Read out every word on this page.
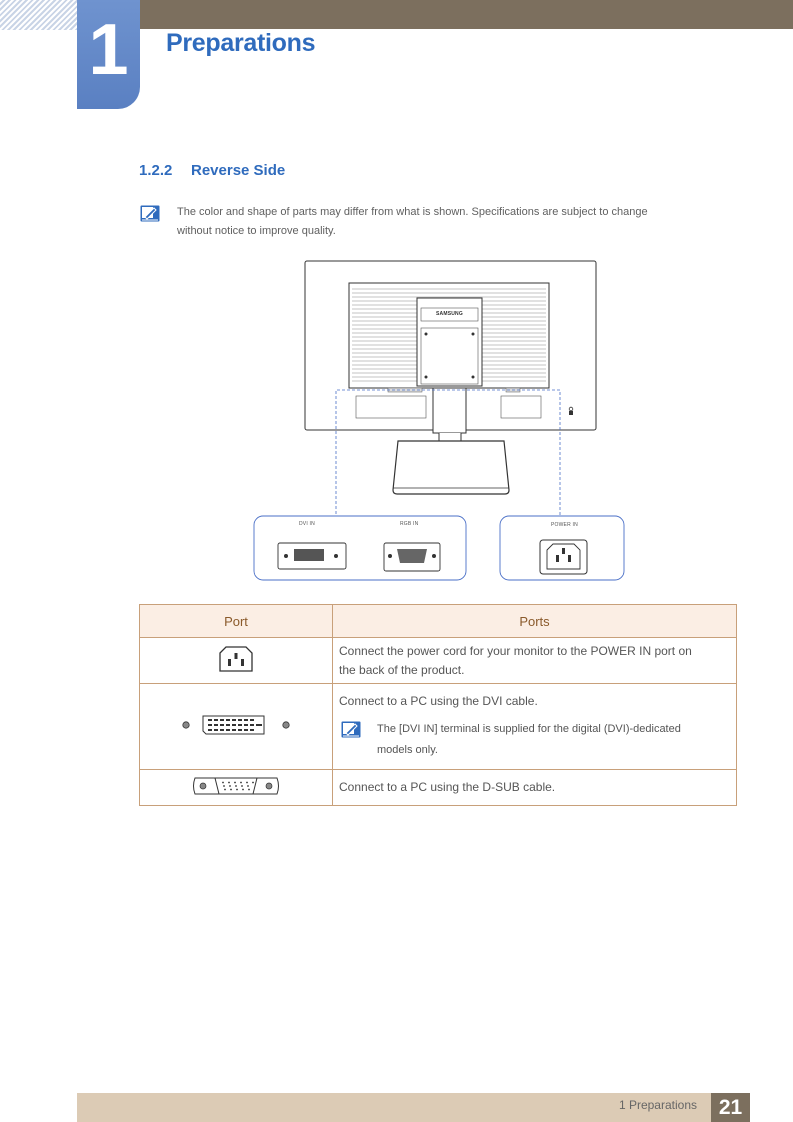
1	Preparations
1.2.2 Reverse Side
The color and shape of parts may differ from what is shown. Specifications are subject to change
without notice to improve quality.
SAMSUNG
DVI IN	RGB IN	POWER IN
Port	Ports

Connect the power cord for your monitor to the POWER IN port on
the back of the product.

Connect to a PC using the DVI cable.
The [DVI IN] terminal is supplied for the digital (DVI)-dedicated
models only.

Connect to a PC using the D-SUB cable.
1 Preparations	21
